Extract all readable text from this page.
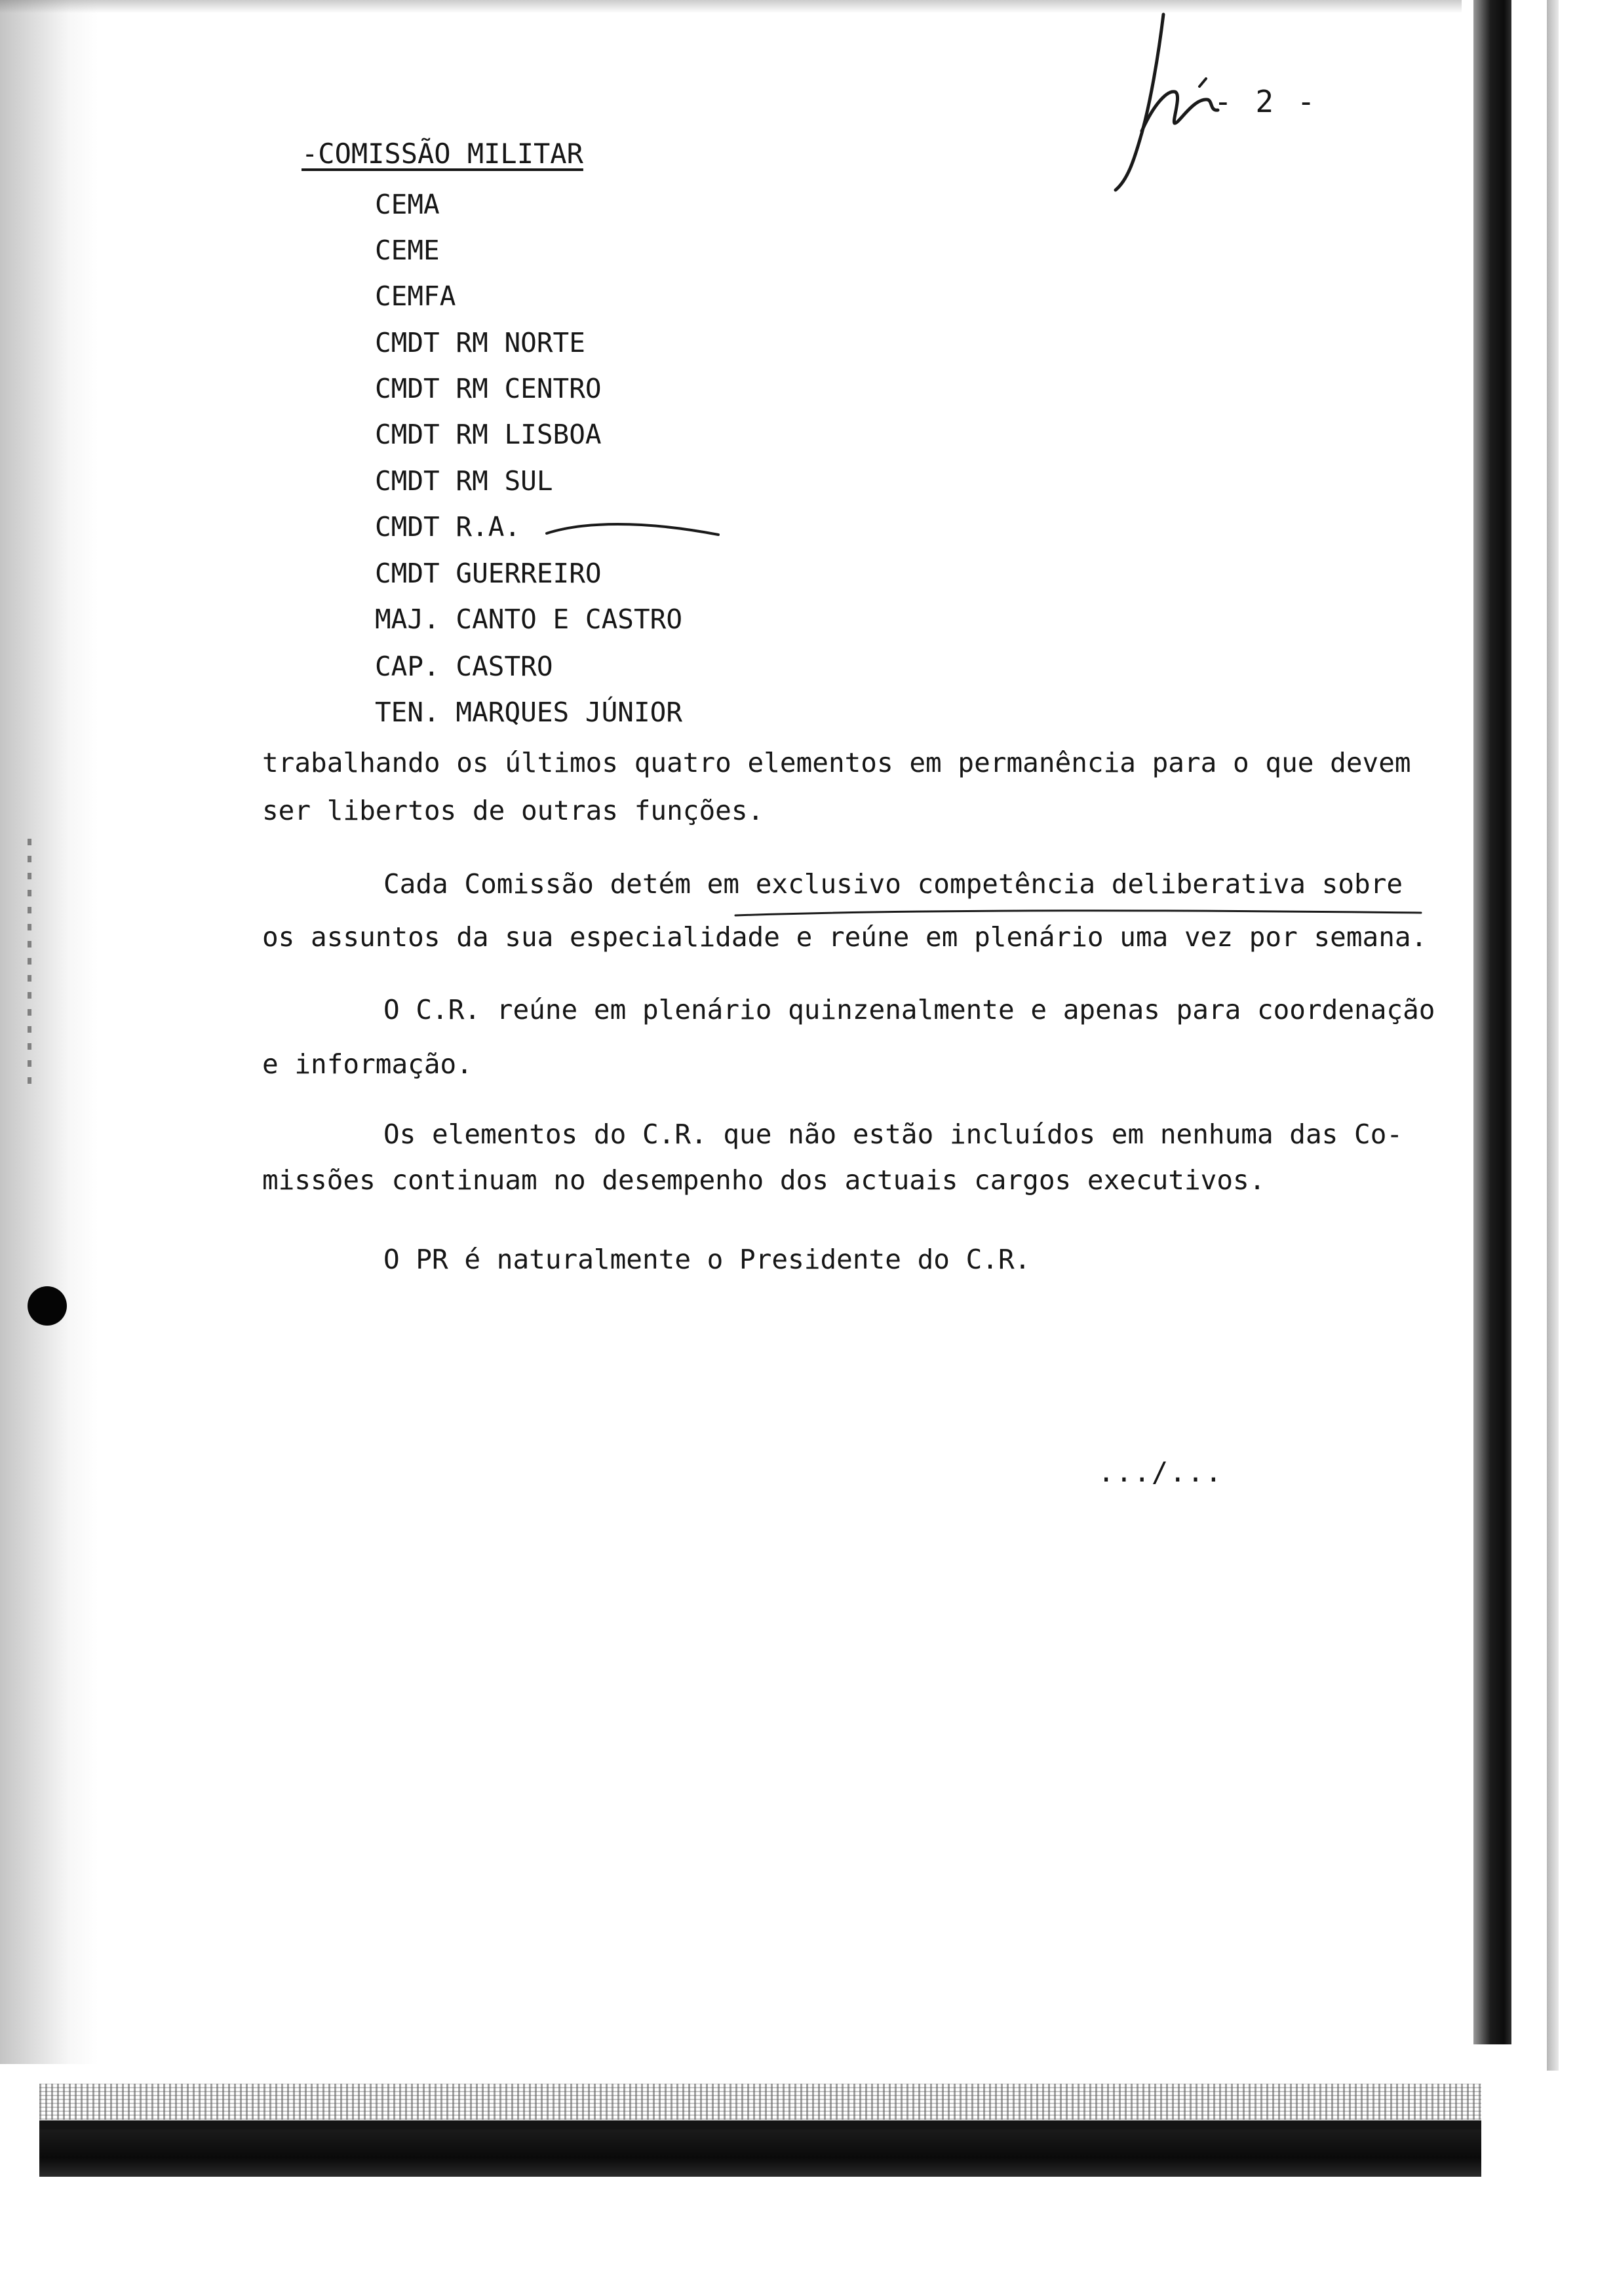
- 2 -
-COMISSÃO MILITAR
CEMA
CEME
CEMFA
CMDT RM NORTE
CMDT RM CENTRO
CMDT RM LISBOA
CMDT RM SUL
CMDT R.A.
CMDT GUERREIRO
MAJ. CANTO E CASTRO
CAP. CASTRO
TEN. MARQUES JÚNIOR
trabalhando os últimos quatro elementos em permanência para o que devem
ser libertos de outras funções.
Cada Comissão detém em exclusivo competência deliberativa sobre
os assuntos da sua especialidade e reúne em plenário uma vez por semana.
O C.R. reúne em plenário quinzenalmente e apenas para coordenação
e informação.
Os elementos do C.R. que não estão incluídos em nenhuma das Co-
missões continuam no desempenho dos actuais cargos executivos.
O PR é naturalmente o Presidente do C.R.
.../...
